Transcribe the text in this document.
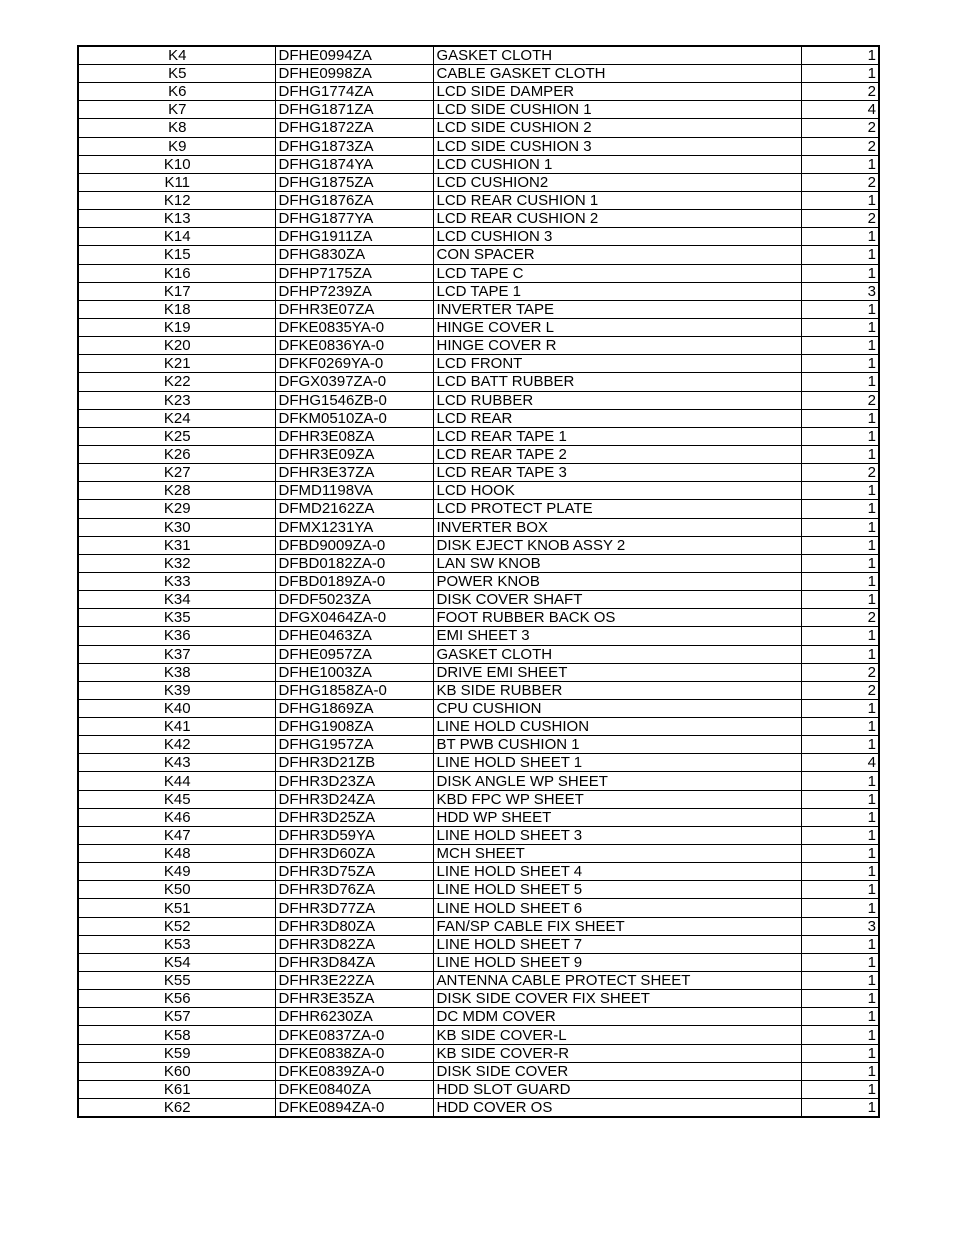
K4	DFHE0994ZA	GASKET CLOTH	1
K5	DFHE0998ZA	CABLE GASKET CLOTH	1
K6	DFHG1774ZA	LCD SIDE DAMPER	2
K7	DFHG1871ZA	LCD SIDE CUSHION 1	4
K8	DFHG1872ZA	LCD SIDE CUSHION 2	2
K9	DFHG1873ZA	LCD SIDE CUSHION 3	2
K10	DFHG1874YA	LCD CUSHION 1	1
K11	DFHG1875ZA	LCD CUSHION2	2
K12	DFHG1876ZA	LCD REAR CUSHION 1	1
K13	DFHG1877YA	LCD REAR CUSHION 2	2
K14	DFHG1911ZA	LCD CUSHION 3	1
K15	DFHG830ZA	CON SPACER	1
K16	DFHP7175ZA	LCD TAPE C	1
K17	DFHP7239ZA	LCD TAPE 1	3
K18	DFHR3E07ZA	INVERTER TAPE	1
K19	DFKE0835YA-0	HINGE COVER L	1
K20	DFKE0836YA-0	HINGE COVER R	1
K21	DFKF0269YA-0	LCD FRONT	1
K22	DFGX0397ZA-0	LCD BATT RUBBER	1
K23	DFHG1546ZB-0	LCD RUBBER	2
K24	DFKM0510ZA-0	LCD REAR	1
K25	DFHR3E08ZA	LCD REAR TAPE 1	1
K26	DFHR3E09ZA	LCD REAR TAPE 2	1
K27	DFHR3E37ZA	LCD REAR TAPE 3	2
K28	DFMD1198VA	LCD HOOK	1
K29	DFMD2162ZA	LCD PROTECT PLATE	1
K30	DFMX1231YA	INVERTER BOX	1
K31	DFBD9009ZA-0	DISK EJECT KNOB ASSY 2	1
K32	DFBD0182ZA-0	LAN SW KNOB	1
K33	DFBD0189ZA-0	POWER KNOB	1
K34	DFDF5023ZA	DISK COVER SHAFT	1
K35	DFGX0464ZA-0	FOOT RUBBER BACK OS	2
K36	DFHE0463ZA	EMI SHEET 3	1
K37	DFHE0957ZA	GASKET CLOTH	1
K38	DFHE1003ZA	DRIVE EMI SHEET	2
K39	DFHG1858ZA-0	KB SIDE RUBBER	2
K40	DFHG1869ZA	CPU CUSHION	1
K41	DFHG1908ZA	LINE HOLD CUSHION	1
K42	DFHG1957ZA	BT PWB CUSHION 1	1
K43	DFHR3D21ZB	LINE HOLD SHEET 1	4
K44	DFHR3D23ZA	DISK ANGLE WP SHEET	1
K45	DFHR3D24ZA	KBD FPC WP SHEET	1
K46	DFHR3D25ZA	HDD WP SHEET	1
K47	DFHR3D59YA	LINE HOLD SHEET 3	1
K48	DFHR3D60ZA	MCH SHEET	1
K49	DFHR3D75ZA	LINE HOLD SHEET 4	1
K50	DFHR3D76ZA	LINE HOLD SHEET 5	1
K51	DFHR3D77ZA	LINE HOLD SHEET 6	1
K52	DFHR3D80ZA	FAN/SP CABLE FIX SHEET	3
K53	DFHR3D82ZA	LINE HOLD SHEET 7	1
K54	DFHR3D84ZA	LINE HOLD SHEET 9	1
K55	DFHR3E22ZA	ANTENNA CABLE PROTECT SHEET	1
K56	DFHR3E35ZA	DISK SIDE COVER FIX SHEET	1
K57	DFHR6230ZA	DC MDM COVER	1
K58	DFKE0837ZA-0	KB SIDE COVER-L	1
K59	DFKE0838ZA-0	KB SIDE COVER-R	1
K60	DFKE0839ZA-0	DISK SIDE COVER	1
K61	DFKE0840ZA	HDD SLOT GUARD	1
K62	DFKE0894ZA-0	HDD COVER OS	1
